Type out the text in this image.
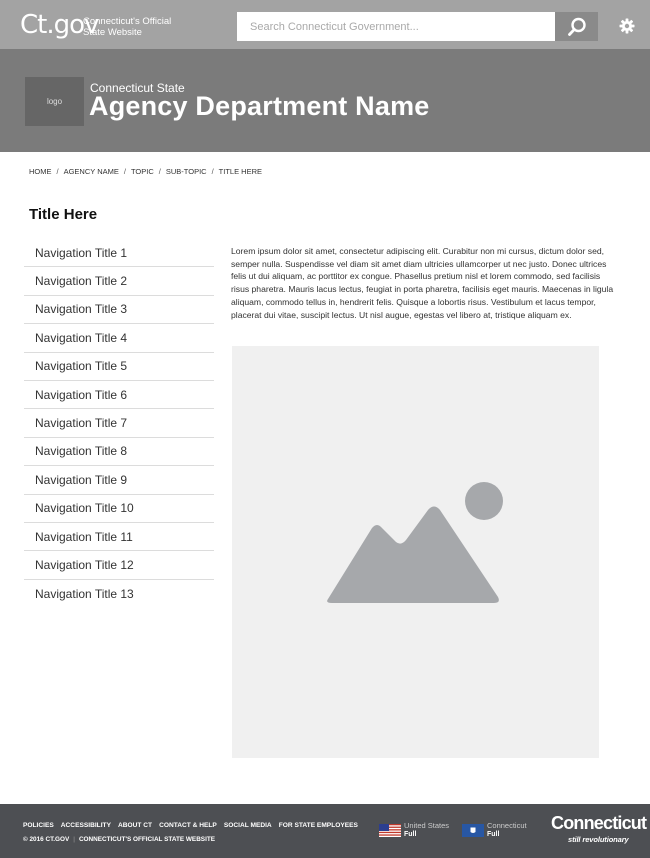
Ct.gov
Connecticut's Official
State Website
Search Connecticut Government...
logo
Connecticut State
Agency Department Name
HOME / AGENCY NAME / TOPIC / SUB-TOPIC / TITLE HERE
Title Here
Navigation Title 1
Navigation Title 2
Navigation Title 3
Navigation Title 4
Navigation Title 5
Navigation Title 6
Navigation Title 7
Navigation Title 8
Navigation Title 9
Navigation Title 10
Navigation Title 11
Navigation Title 12
Navigation Title 13

Lorem ipsum dolor sit amet, consectetur adipiscing elit. Curabitur non mi cursus, dictum dolor sed, semper nulla. Suspendisse vel diam sit amet diam ultricies ullamcorper ut nec justo. Donec ultrices felis ut dui aliquam, ac porttitor ex congue. Phasellus pretium nisl et lorem commodo, sed facilisis risus pharetra. Mauris lacus lectus, feugiat in porta pharetra, facilisis eget mauris. Maecenas in ligula aliquam, commodo tellus in, hendrerit felis. Quisque a lobortis risus. Vestibulum et lacus tempor, placerat dui vitae, suscipit lectus. Ut nisl augue, egestas vel libero at, tristique aliquam ex.

POLICIES ACCESSIBILITY ABOUT CT CONTACT & HELP SOCIAL MEDIA FOR STATE EMPLOYEES
© 2016 CT.GOV | CONNECTICUT'S OFFICIAL STATE WEBSITE
United States
Full
Connecticut
Full
Connecticut
still revolutionary
